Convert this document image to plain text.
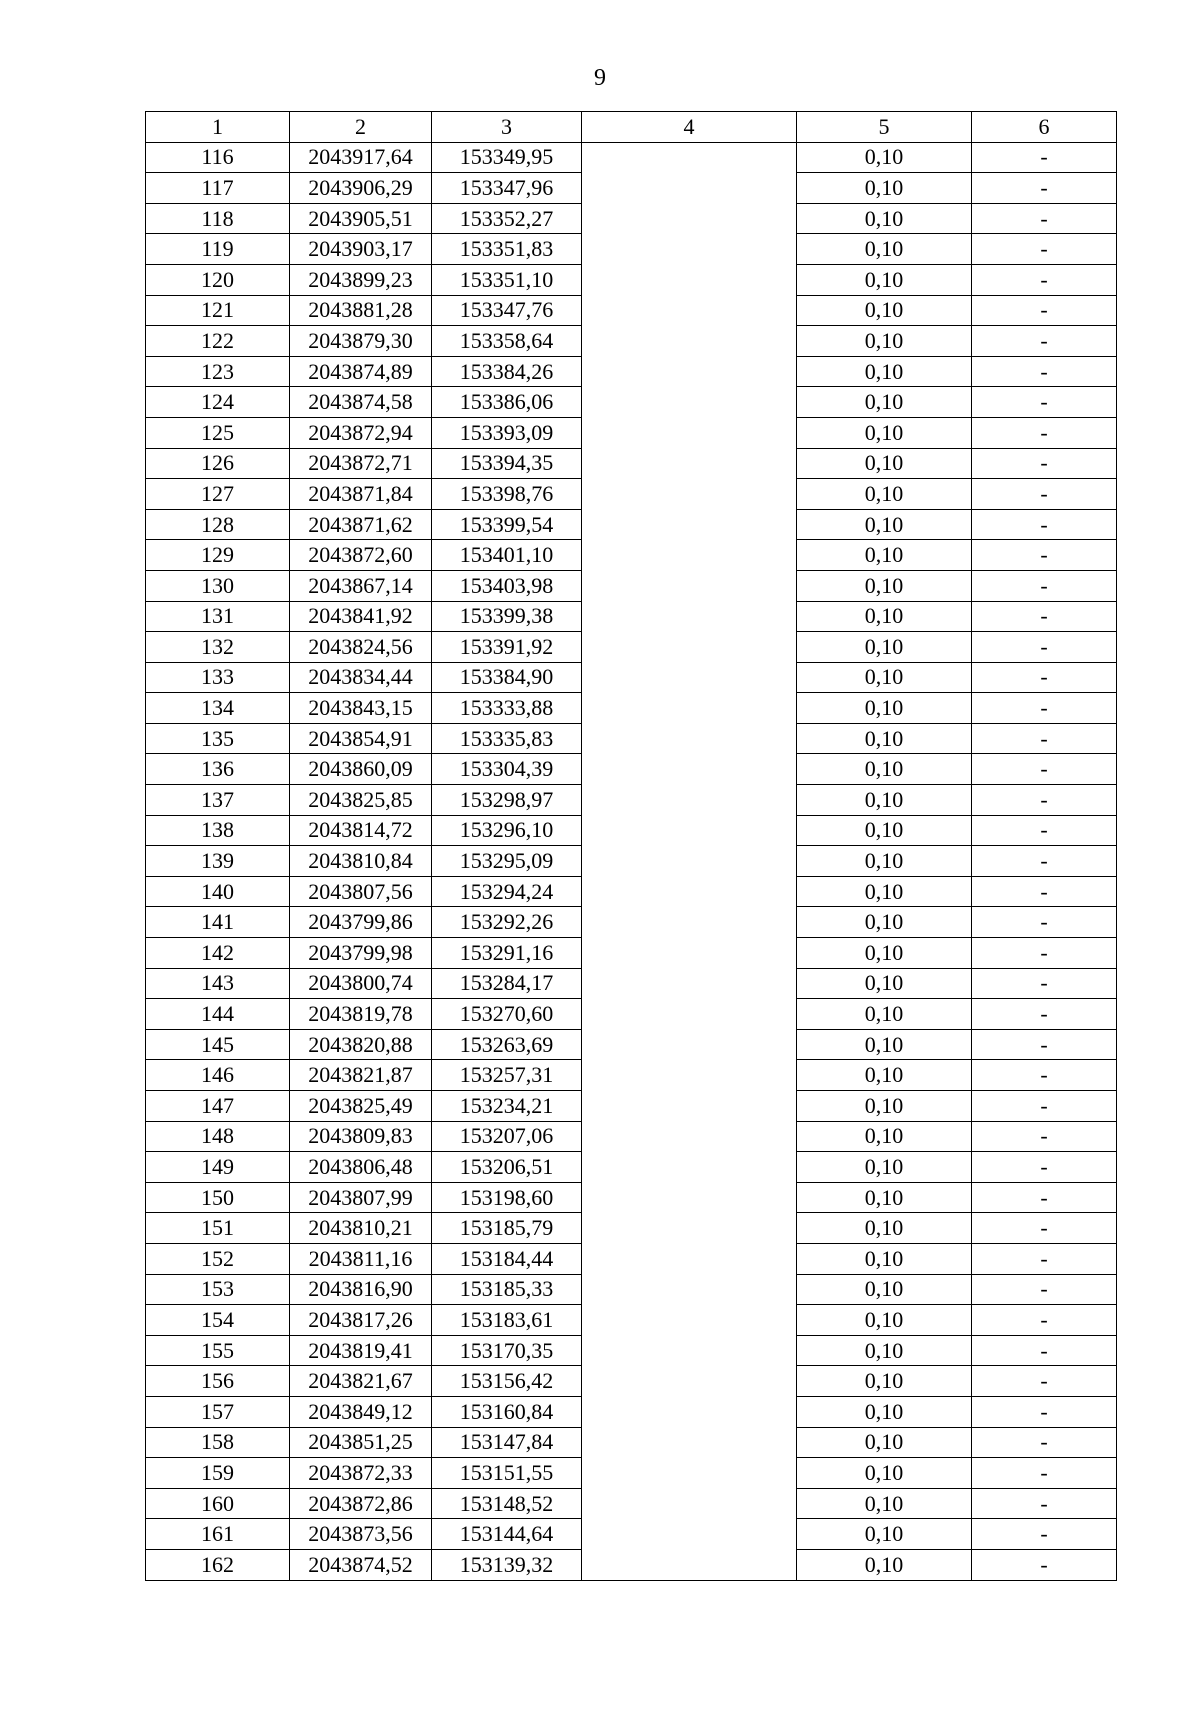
9
1	2	3	4	5	6
116	2043917,64	153349,95		0,10	-
117	2043906,29	153347,96		0,10	-
118	2043905,51	153352,27		0,10	-
119	2043903,17	153351,83		0,10	-
120	2043899,23	153351,10		0,10	-
121	2043881,28	153347,76		0,10	-
122	2043879,30	153358,64		0,10	-
123	2043874,89	153384,26		0,10	-
124	2043874,58	153386,06		0,10	-
125	2043872,94	153393,09		0,10	-
126	2043872,71	153394,35		0,10	-
127	2043871,84	153398,76		0,10	-
128	2043871,62	153399,54		0,10	-
129	2043872,60	153401,10		0,10	-
130	2043867,14	153403,98		0,10	-
131	2043841,92	153399,38		0,10	-
132	2043824,56	153391,92		0,10	-
133	2043834,44	153384,90		0,10	-
134	2043843,15	153333,88		0,10	-
135	2043854,91	153335,83		0,10	-
136	2043860,09	153304,39		0,10	-
137	2043825,85	153298,97		0,10	-
138	2043814,72	153296,10		0,10	-
139	2043810,84	153295,09		0,10	-
140	2043807,56	153294,24		0,10	-
141	2043799,86	153292,26		0,10	-
142	2043799,98	153291,16		0,10	-
143	2043800,74	153284,17		0,10	-
144	2043819,78	153270,60		0,10	-
145	2043820,88	153263,69		0,10	-
146	2043821,87	153257,31		0,10	-
147	2043825,49	153234,21		0,10	-
148	2043809,83	153207,06		0,10	-
149	2043806,48	153206,51		0,10	-
150	2043807,99	153198,60		0,10	-
151	2043810,21	153185,79		0,10	-
152	2043811,16	153184,44		0,10	-
153	2043816,90	153185,33		0,10	-
154	2043817,26	153183,61		0,10	-
155	2043819,41	153170,35		0,10	-
156	2043821,67	153156,42		0,10	-
157	2043849,12	153160,84		0,10	-
158	2043851,25	153147,84		0,10	-
159	2043872,33	153151,55		0,10	-
160	2043872,86	153148,52		0,10	-
161	2043873,56	153144,64		0,10	-
162	2043874,52	153139,32		0,10	-
